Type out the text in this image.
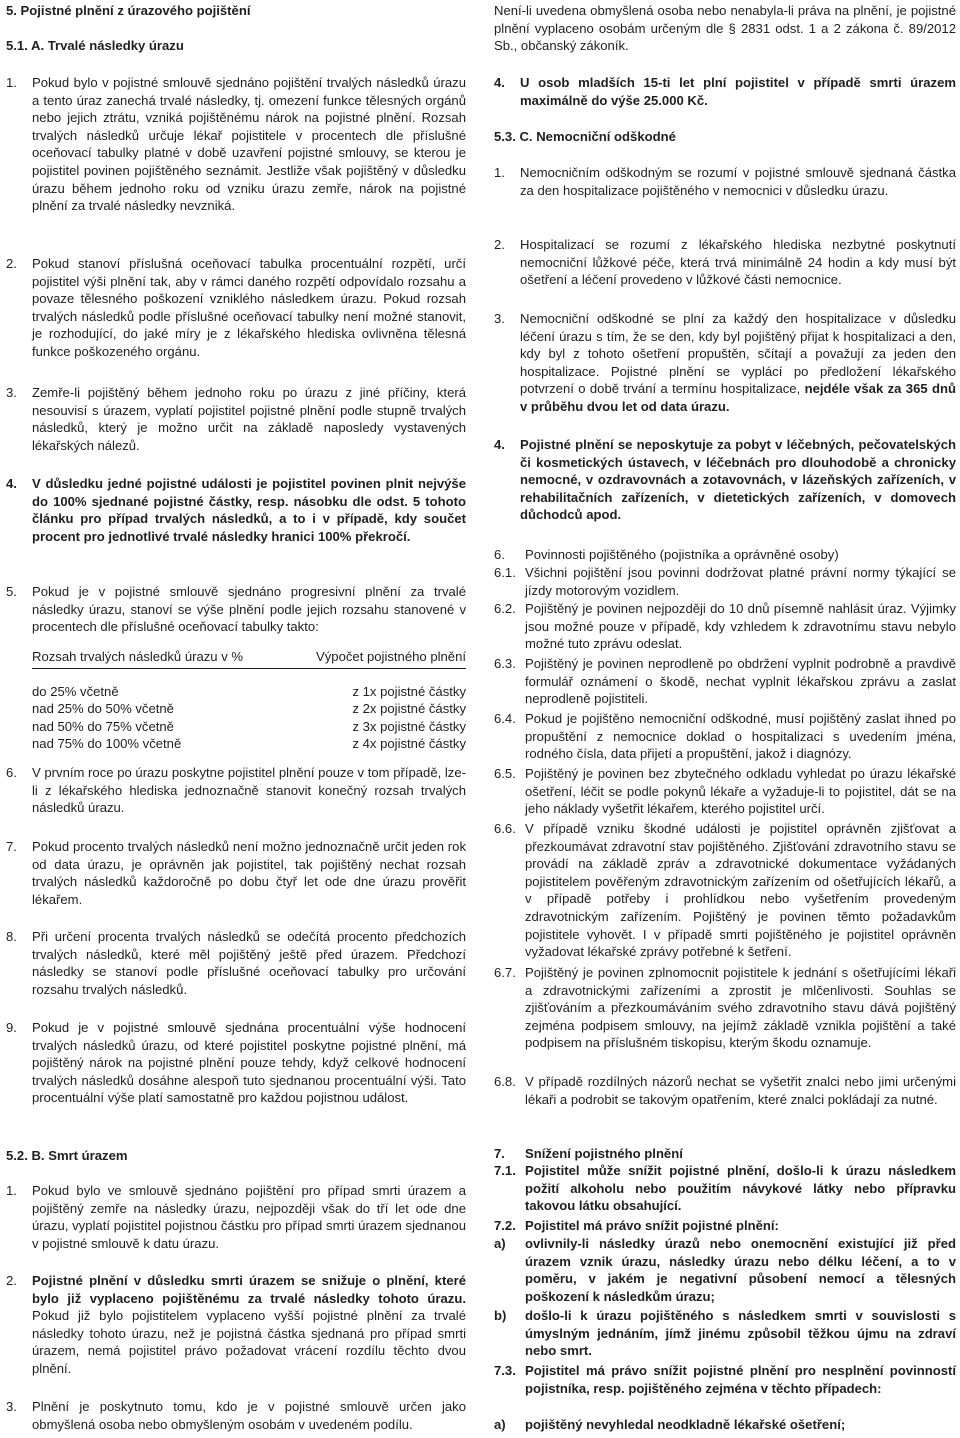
5. Pojistné plnění z úrazového pojištění

5.1. A. Trvalé následky úrazu

1.	Pokud bylo v pojistné smlouvě sjednáno pojištění trvalých následků úrazu a tento úraz zanechá trvalé následky, tj. omezení funkce tělesných orgánů nebo jejich ztrátu, vzniká pojištěnému nárok na pojistné plnění. Rozsah trvalých následků určuje lékař pojistitele v procentech dle příslušné oceňovací tabulky platné v době uzavření pojistné smlouvy, se kterou je pojistitel povinen pojištěného seznámit. Jestliže však pojištěný v důsledku úrazu během jednoho roku od vzniku úrazu zemře, nárok na pojistné plnění za trvalé následky nevzniká.
2.	Pokud stanoví příslušná oceňovací tabulka procentuální rozpětí, určí pojistitel výši plnění tak, aby v rámci daného rozpětí odpovídalo rozsahu a povaze tělesného poškození vzniklého následkem úrazu. Pokud rozsah trvalých následků podle příslušné oceňovací tabulky není možné stanovit, je rozhodující, do jaké míry je z lékařského hlediska ovlivněna tělesná funkce poškozeného orgánu.
3.	Zemře-li pojištěný během jednoho roku po úrazu z jiné příčiny, která nesouvisí s úrazem, vyplatí pojistitel pojistné plnění podle stupně trvalých následků, který je možno určit na základě naposledy vystavených lékařských nálezů.
4.	V důsledku jedné pojistné události je pojistitel povinen plnit nejvýše do 100% sjednané pojistné částky, resp. násobku dle odst. 5 tohoto článku pro případ trvalých následků, a to i v případě, kdy součet procent pro jednotlivé trvalé následky hranici 100% překročí.
5.	Pokud je v pojistné smlouvě sjednáno progresivní plnění za trvalé následky úrazu, stanoví se výše plnění podle jejich rozsahu stanovené v procentech dle příslušné oceňovací tabulky takto:
Rozsah trvalých následků úrazu v %	Výpočet pojistného plnění
do 25% včetně	z 1x pojistné částky
nad 25% do 50% včetně	z 2x pojistné částky
nad 50% do 75% včetně	z 3x pojistné částky
nad 75% do 100% včetně	z 4x pojistné částky
6.	V prvním roce po úrazu poskytne pojistitel plnění pouze v tom případě, lze-li z lékařského hlediska jednoznačně stanovit konečný rozsah trvalých následků úrazu.
7.	Pokud procento trvalých následků není možno jednoznačně určit jeden rok od data úrazu, je oprávněn jak pojistitel, tak pojištěný nechat rozsah trvalých následků každoročně po dobu čtyř let ode dne úrazu prověřit lékařem.
8.	Při určení procenta trvalých následků se odečítá procento předchozích trvalých následků, které měl pojištěný ještě před úrazem. Předchozí následky se stanoví podle příslušné oceňovací tabulky pro určování rozsahu trvalých následků.
9.	Pokud je v pojistné smlouvě sjednána procentuální výše hodnocení trvalých následků úrazu, od které pojistitel poskytne pojistné plnění, má pojištěný nárok na pojistné plnění pouze tehdy, když celkové hodnocení trvalých následků dosáhne alespoň tuto sjednanou procentuální výši. Tato procentuální výše platí samostatně pro každou pojistnou událost.

5.2. B. Smrt úrazem

1.	Pokud bylo ve smlouvě sjednáno pojištění pro případ smrti úrazem a pojištěný zemře na následky úrazu, nejpozději však do tří let ode dne úrazu, vyplatí pojistitel pojistnou částku pro případ smrti úrazem sjednanou v pojistné smlouvě k datu úrazu.
2.	Pojistné plnění v důsledku smrti úrazem se snižuje o plnění, které bylo již vyplaceno pojištěnému za trvalé následky tohoto úrazu. Pokud již bylo pojistitelem vyplaceno vyšší pojistné plnění za trvalé následky tohoto úrazu, než je pojistná částka sjednaná pro případ smrti úrazem, nemá pojistitel právo požadovat vrácení rozdílu těchto dvou plnění.
3.	Plnění je poskytnuto tomu, kdo je v pojistné smlouvě určen jako obmyšlená osoba nebo obmyšleným osobám v uvedeném podílu.

Není-li uvedena obmyšlená osoba nebo nenabyla-li práva na plnění, je pojistné plnění vyplaceno osobám určeným dle § 2831 odst. 1 a 2 zákona č. 89/2012 Sb., občanský zákoník.

4.	U osob mladších 15-ti let plní pojistitel v případě smrti úrazem maximálně do výše 25.000 Kč.

5.3. C. Nemocniční odškodné

1.	Nemocničním odškodným se rozumí v pojistné smlouvě sjednaná částka za den hospitalizace pojištěného v nemocnici v důsledku úrazu.
2.	Hospitalizací se rozumí z lékařského hlediska nezbytné poskytnutí nemocniční lůžkové péče, která trvá minimálně 24 hodin a kdy musí být ošetření a léčení provedeno v lůžkové části nemocnice.
3.	Nemocniční odškodné se plní za každý den hospitalizace v důsledku léčení úrazu s tím, že se den, kdy byl pojištěný přijat k hospitalizaci a den, kdy byl z tohoto ošetření propuštěn, sčítají a považují za jeden den hospitalizace. Pojistné plnění se vyplácí po předložení lékařského potvrzení o době trvání a termínu hospitalizace, nejdéle však za 365 dnů v průběhu dvou let od data úrazu.
4.	Pojistné plnění se neposkytuje za pobyt v léčebných, pečovatelských či kosmetických ústavech, v léčebnách pro dlouhodobě a chronicky nemocné, v ozdravovnách a zotavovnách, v lázeňských zařízeních, v rehabilitačních zařízeních, v dietetických zařízeních, v domovech důchodců apod.
6.	Povinnosti pojištěného (pojistníka a oprávněné osoby)
6.1. Všichni pojištění jsou povinni dodržovat platné právní normy týkající se jízdy motorovým vozidlem.
6.2. Pojištěný je povinen nejpozději do 10 dnů písemně nahlásit úraz. Výjimky jsou možné pouze v případě, kdy vzhledem k zdravotnímu stavu nebylo možné tuto zprávu odeslat.
6.3. Pojištěný je povinen neprodleně po obdržení vyplnit podrobně a pravdivě formulář oznámení o škodě, nechat vyplnit lékařskou zprávu a zaslat neprodleně pojistiteli.
6.4. Pokud je pojištěno nemocniční odškodné, musí pojištěný zaslat ihned po propuštění z nemocnice doklad o hospitalizaci s uvedením jména, rodného čísla, data přijetí a propuštění, jakož i diagnózy.
6.5. Pojištěný je povinen bez zbytečného odkladu vyhledat po úrazu lékařské ošetření, léčit se podle pokynů lékaře a vyžaduje-li to pojistitel, dát se na jeho náklady vyšetřit lékařem, kterého pojistitel určí.
6.6. V případě vzniku škodné události je pojistitel oprávněn zjišťovat a přezkoumávat zdravotní stav pojištěného. Zjišťování zdravotního stavu se provádí na základě zpráv a zdravotnické dokumentace vyžádaných pojistitelem pověřeným zdravotnickým zařízením od ošetřujících lékařů, a v případě potřeby i prohlídkou nebo vyšetřením provedeným zdravotnickým zařízením. Pojištěný je povinen těmto požadavkům pojistitele vyhovět. I v případě smrti pojištěného je pojistitel oprávněn vyžadovat lékařské zprávy potřebné k šetření.
6.7. Pojištěný je povinen zplnomocnit pojistitele k jednání s ošetřujícími lékaři a zdravotnickými zařízeními a zprostit je mlčenlivosti. Souhlas se zjišťováním a přezkoumáváním svého zdravotního stavu dává pojištěný zejména podpisem smlouvy, na jejímž základě vznikla pojištění a také podpisem na příslušném tiskopisu, kterým škodu oznamuje.
6.8. V případě rozdílných názorů nechat se vyšetřit znalci nebo jimi určenými lékaři a podrobit se takovým opatřením, které znalci pokládají za nutné.
7.	Snížení pojistného plnění
7.1. Pojistitel může snížit pojistné plnění, došlo-li k úrazu následkem požití alkoholu nebo použitím návykové látky nebo přípravku takovou látku obsahující.
7.2. Pojistitel má právo snížit pojistné plnění:
a)	ovlivnily-li následky úrazů nebo onemocnění existující již před úrazem vznik úrazu, následky úrazu nebo délku léčení, a to v poměru, v jakém je negativní působení nemocí a tělesných poškození k následkům úrazu;
b)	došlo-li k úrazu pojištěného s následkem smrti v souvislosti s úmyslným jednáním, jímž jinému způsobil těžkou újmu na zdraví nebo smrt.
7.3. Pojistitel má právo snížit pojistné plnění pro nesplnění povinností pojistníka, resp. pojištěného zejména v těchto případech:
a)	pojištěný nevyhledal neodkladně lékařské ošetření;
